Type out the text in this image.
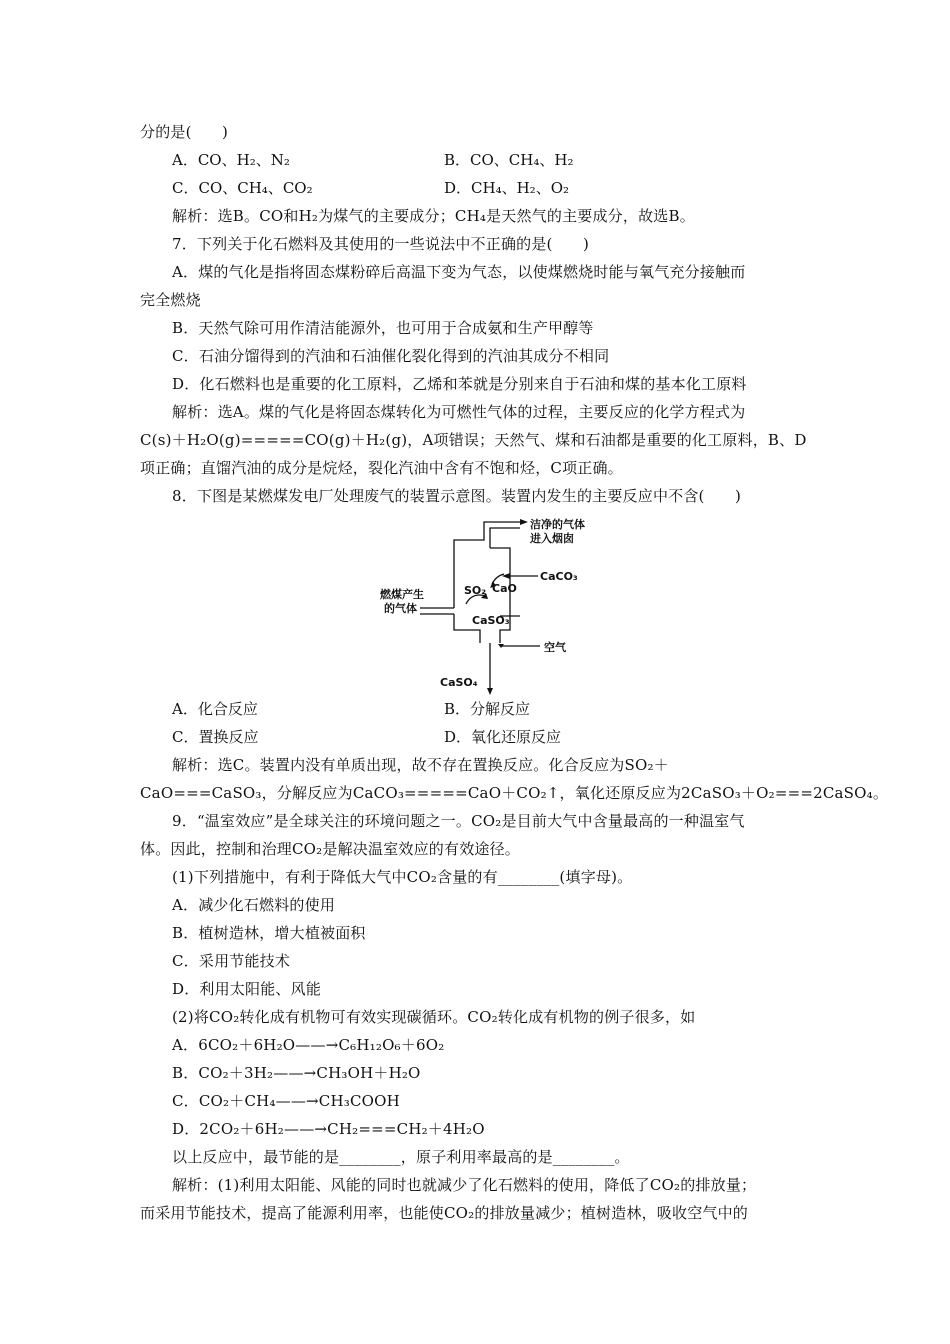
分的是(　　)
A．CO、H₂、N₂	B．CO、CH₄、H₂
C．CO、CH₄、CO₂	D．CH₄、H₂、O₂
解析：选B。CO和H₂为煤气的主要成分；CH₄是天然气的主要成分，故选B。
7．下列关于化石燃料及其使用的一些说法中不正确的是(　　)
A．煤的气化是指将固态煤粉碎后高温下变为气态，以使煤燃烧时能与氧气充分接触而
完全燃烧
B．天然气除可用作清洁能源外，也可用于合成氨和生产甲醇等
C．石油分馏得到的汽油和石油催化裂化得到的汽油其成分不相同
D．化石燃料也是重要的化工原料，乙烯和苯就是分别来自于石油和煤的基本化工原料
解析：选A。煤的气化是将固态煤转化为可燃性气体的过程，主要反应的化学方程式为
C(s)＋H₂O(g)=====CO(g)＋H₂(g)，A项错误；天然气、煤和石油都是重要的化工原料，B、D
项正确；直馏汽油的成分是烷烃，裂化汽油中含有不饱和烃，C项正确。
8．下图是某燃煤发电厂处理废气的装置示意图。装置内发生的主要反应中不含(　　)
洁净的气体
进入烟囱
CaCO₃
SO₂ CaO
CaSO₃
燃煤产生
的气体
空气
CaSO₄
A．化合反应	B．分解反应
C．置换反应	D．氧化还原反应
解析：选C。装置内没有单质出现，故不存在置换反应。化合反应为SO₂＋
CaO===CaSO₃，分解反应为CaCO₃=====CaO＋CO₂↑，氧化还原反应为2CaSO₃＋O₂===2CaSO₄。
9．“温室效应”是全球关注的环境问题之一。CO₂是目前大气中含量最高的一种温室气
体。因此，控制和治理CO₂是解决温室效应的有效途径。
(1)下列措施中，有利于降低大气中CO₂含量的有________(填字母)。
A．减少化石燃料的使用
B．植树造林，增大植被面积
C．采用节能技术
D．利用太阳能、风能
(2)将CO₂转化成有机物可有效实现碳循环。CO₂转化成有机物的例子很多，如
A．6CO₂＋6H₂O——→C₆H₁₂O₆＋6O₂
B．CO₂＋3H₂——→CH₃OH＋H₂O
C．CO₂＋CH₄——→CH₃COOH
D．2CO₂＋6H₂——→CH₂===CH₂＋4H₂O
以上反应中，最节能的是________，原子利用率最高的是________。
解析：(1)利用太阳能、风能的同时也就减少了化石燃料的使用，降低了CO₂的排放量；
而采用节能技术，提高了能源利用率，也能使CO₂的排放量减少；植树造林，吸收空气中的
